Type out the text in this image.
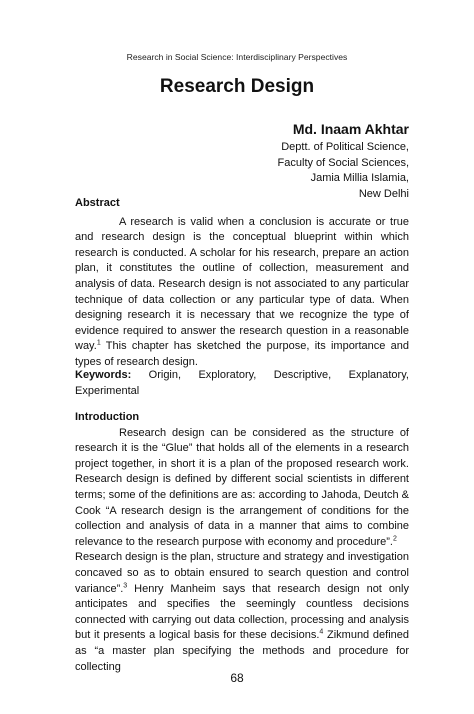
Research in Social Science: Interdisciplinary Perspectives
Research Design
Md. Inaam Akhtar
Deptt. of Political Science,
Faculty of Social Sciences,
Jamia Millia Islamia,
New Delhi
Abstract
A research is valid when a conclusion is accurate or true and research design is the conceptual blueprint within which research is conducted. A scholar for his research, prepare an action plan, it constitutes the outline of collection, measurement and analysis of data. Research design is not associated to any particular technique of data collection or any particular type of data. When designing research it is necessary that we recognize the type of evidence required to answer the research question in a reasonable way.$^1$ This chapter has sketched the purpose, its importance and types of research design.
Keywords: Origin, Exploratory, Descriptive, Explanatory,
Experimental
Introduction
Research design can be considered as the structure of research it is the “Glue” that holds all of the elements in a research project together, in short it is a plan of the proposed research work. Research design is defined by different social scientists in different terms; some of the definitions are as: according to Jahoda, Deutch & Cook “A research design is the arrangement of conditions for the collection and analysis of data in a manner that aims to combine relevance to the research purpose with economy and procedure”.$^2$
Research design is the plan, structure and strategy and investigation concaved so as to obtain ensured to search question and control variance”.$^3$ Henry Manheim says that research design not only anticipates and specifies the seemingly countless decisions connected with carrying out data collection, processing and analysis but it presents a logical basis for these decisions.$^4$ Zikmund defined as “a master plan specifying the methods and procedure for collecting
68
